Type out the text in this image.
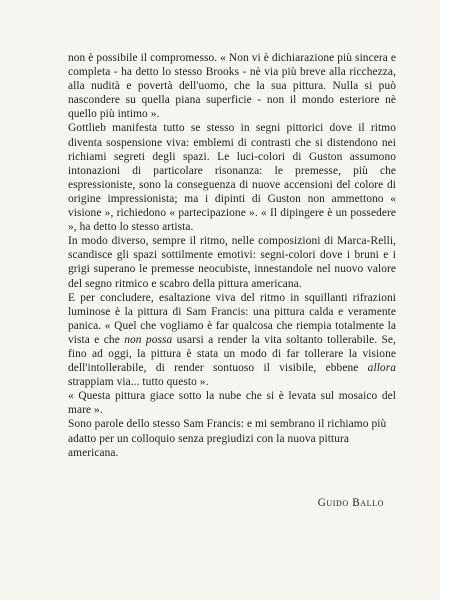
non è possibile il compromesso. « Non vi è dichiarazione più sincera e completa - ha detto lo stesso Brooks - nè via più breve alla ricchezza, alla nudità e povertà dell'uomo, che la sua pittura. Nulla si può nascondere su quella piana superficie - non il mondo esteriore nè quello più intimo ».

Gottlieb manifesta tutto se stesso in segni pittorici dove il ritmo diventa sospensione viva: emblemi di contrasti che si distendono nei richiami segreti degli spazi. Le luci-colori di Guston assumono intonazioni di particolare risonanza: le premesse, più che espressioniste, sono la conseguenza di nuove accensioni del colore di origine impressionista; ma i dipinti di Guston non ammettono « visione », richiedono « partecipazione ». « Il dipingere è un possedere », ha detto lo stesso artista.

In modo diverso, sempre il ritmo, nelle composizioni di Marca-Relli, scandisce gli spazi sottilmente emotivi: segni-colori dove i bruni e i grigi superano le premesse neocubiste, innestandole nel nuovo valore del segno ritmico e scabro della pittura americana.

E per concludere, esaltazione viva del ritmo in squillanti rifrazioni luminose è la pittura di Sam Francis: una pittura calda e veramente panica. « Quel che vogliamo è far qualcosa che riempia totalmente la vista e che non possa usarsi a render la vita soltanto tollerabile. Se, fino ad oggi, la pittura è stata un modo di far tollerare la visione dell'intollerabile, di render sontuoso il visibile, ebbene allora strappiam via... tutto questo ».

« Questa pittura giace sotto la nube che si è levata sul mosaico del mare ».

Sono parole dello stesso Sam Francis: e mi sembrano il richiamo più adatto per un colloquio senza pregiudizi con la nuova pittura americana.

Guido Ballo
